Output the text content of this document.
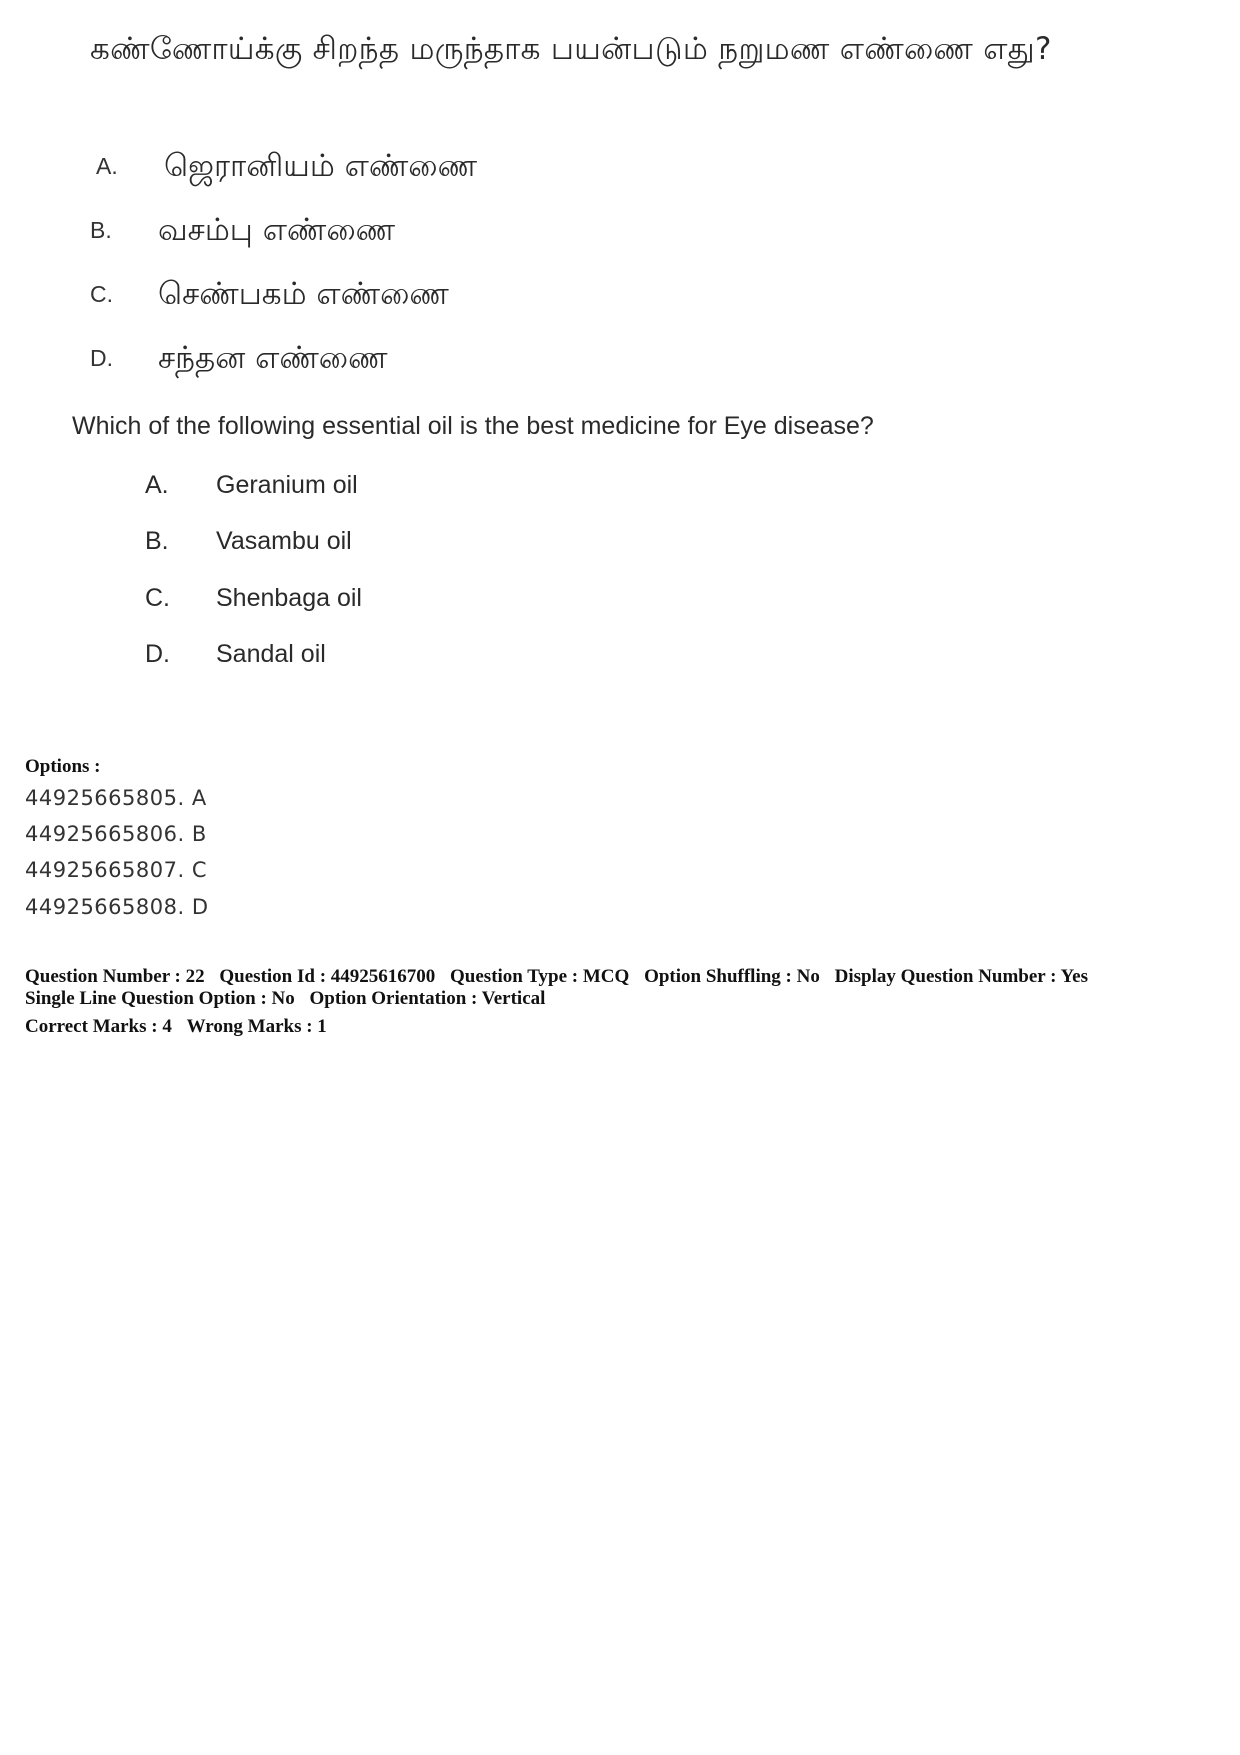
கண்ணோய்க்கு சிறந்த மருந்தாக பயன்படும் நறுமண எண்ணை எது?
A. ஜெரானியம் எண்ணை
B. வசம்பு எண்ணை
C. செண்பகம் எண்ணை
D. சந்தன எண்ணை
Which of the following essential oil is the best medicine for Eye disease?
A. Geranium oil
B. Vasambu oil
C. Shenbaga oil
D. Sandal oil
Options :
44925665805. A
44925665806. B
44925665807. C
44925665808. D
Question Number : 22 Question Id : 44925616700 Question Type : MCQ Option Shuffling : No Display Question Number : Yes
Single Line Question Option : No Option Orientation : Vertical
Correct Marks : 4 Wrong Marks : 1
